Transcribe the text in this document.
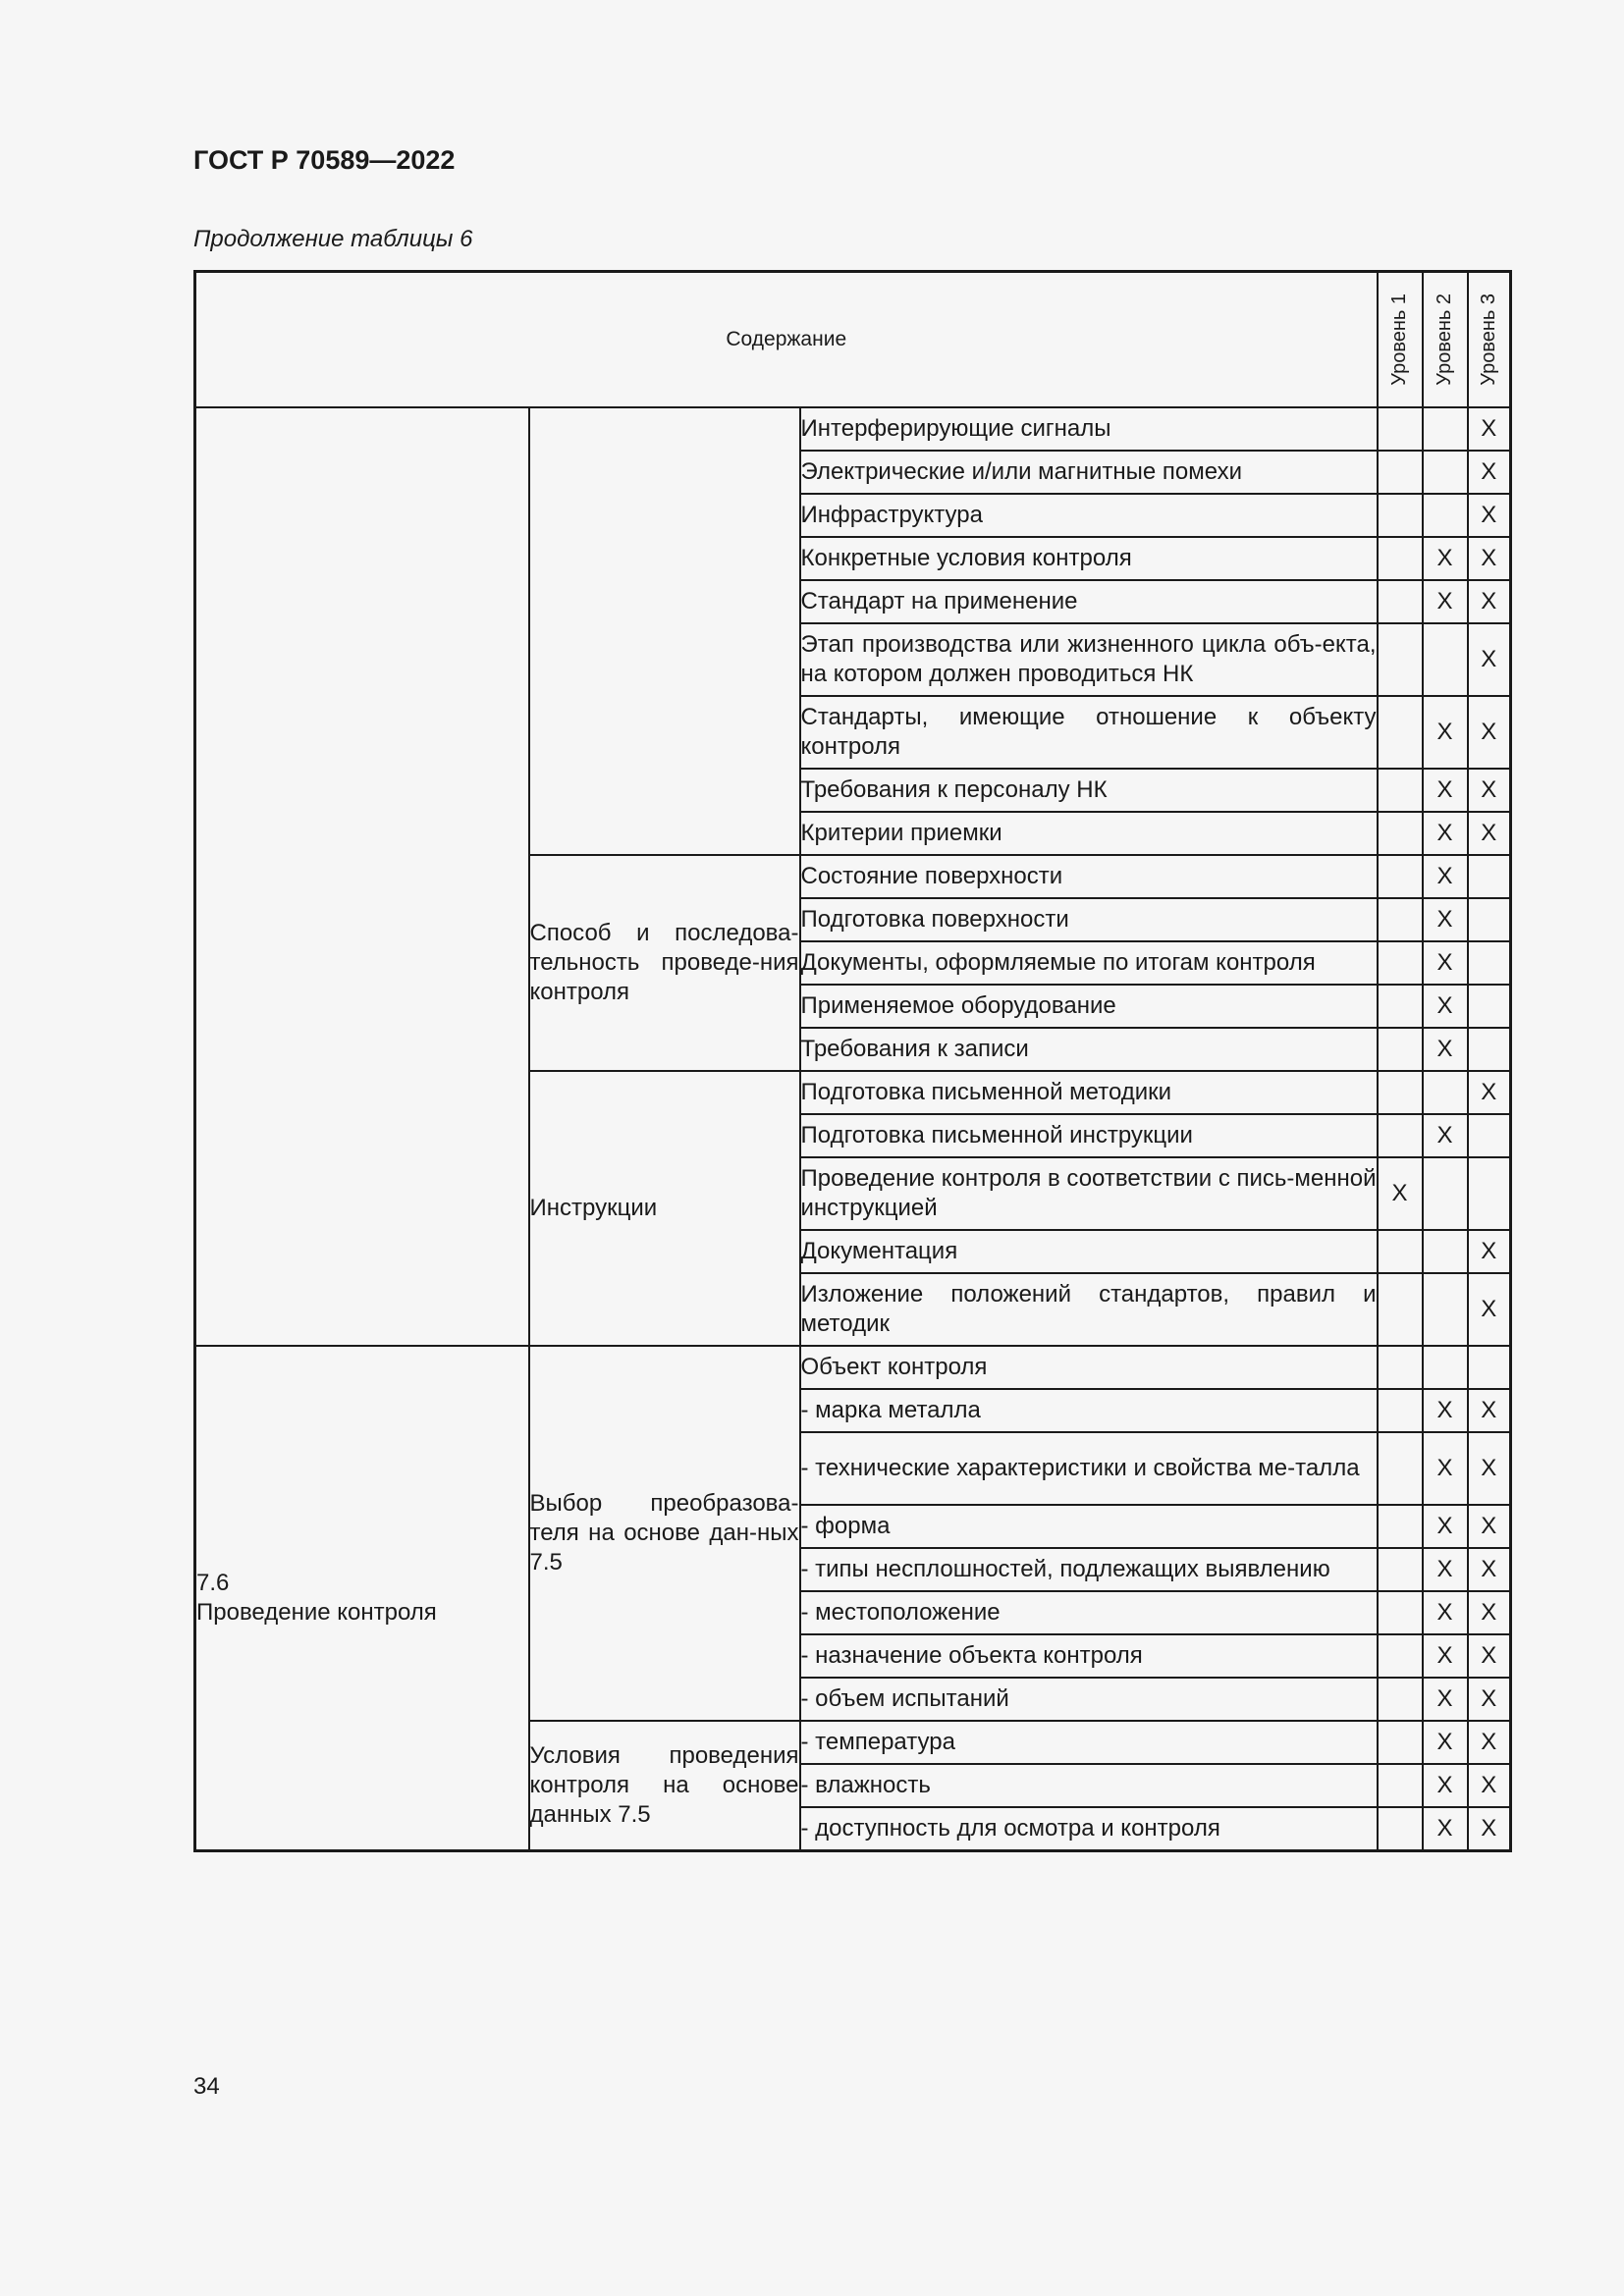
ГОСТ Р 70589—2022
Продолжение таблицы 6
Содержание			Уровень 1	Уровень 2	Уровень 3

		Интерферирующие сигналы			X
		Электрические и/или магнитные помехи			X
		Инфраструктура			X
		Конкретные условия контроля		X	X
		Стандарт на применение		X	X
		Этап производства или жизненного цикла объ-екта, на котором должен проводиться НК			X
		Стандарты, имеющие отношение к объекту контроля		X	X
		Требования к персоналу НК		X	X
		Критерии приемки		X	X
	Способ и последова-тельность проведе-ния контроля	Состояние поверхности		X	
		Подготовка поверхности		X	
		Документы, оформляемые по итогам контроля		X	
		Применяемое оборудование		X	
		Требования к записи		X	
	Инструкции	Подготовка письменной методики			X
		Подготовка письменной инструкции		X	
		Проведение контроля в соответствии с пись-менной инструкцией	X		
		Документация			X
		Изложение положений стандартов, правил и методик			X

7.6
Проведение контроля	Выбор преобразова-теля на основе дан-ных 7.5	Объект контроля			
		- марка металла		X	X
		- технические характеристики и свойства ме-талла		X	X
		- форма		X	X
		- типы несплошностей, подлежащих выявлению		X	X
		- местоположение		X	X
		- назначение объекта контроля		X	X
		- объем испытаний		X	X
	Условия проведения контроля на основе данных 7.5	- температура		X	X
		- влажность		X	X
		- доступность для осмотра и контроля		X	X
34
